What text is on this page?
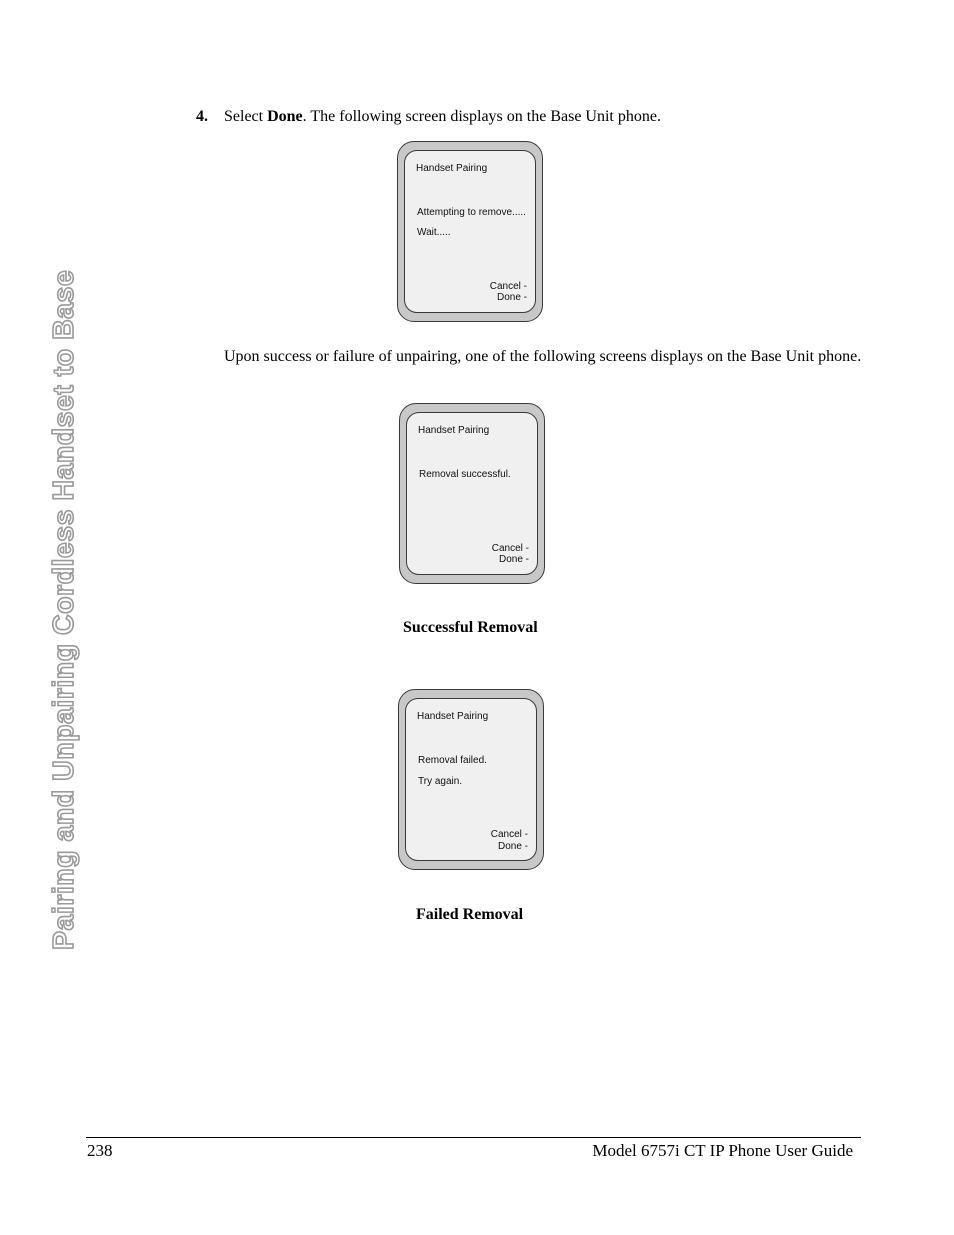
Pairing and Unpairing Cordless Handset to Base
4. Select Done. The following screen displays on the Base Unit phone.
Handset Pairing
Attempting to remove.....
Wait.....
Cancel -
Done -
Upon success or failure of unpairing, one of the following screens displays on the Base Unit phone.
Handset Pairing
Removal successful.
Cancel -
Done -
Successful Removal
Handset Pairing
Removal failed.
Try again.
Cancel -
Done -
Failed Removal
238	Model 6757i CT IP Phone User Guide
